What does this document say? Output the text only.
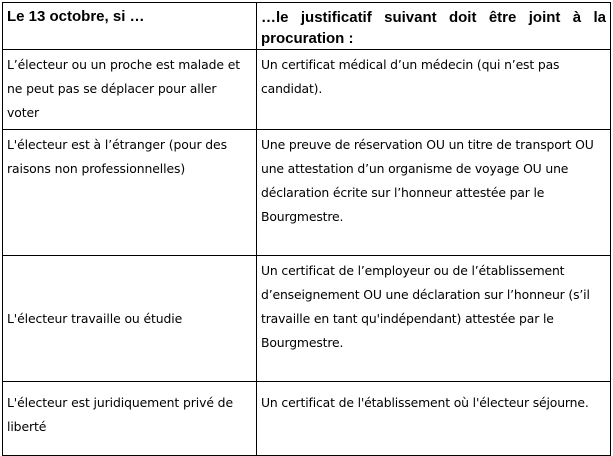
Le 13 octobre, si …	…le justificatif suivant doit être joint à la procuration :

L’électeur ou un proche est malade et ne peut pas se déplacer pour aller voter	Un certificat médical d’un médecin (qui n’est pas candidat).

L'électeur est à l’étranger (pour des raisons non professionnelles)	Une preuve de réservation OU un titre de transport OU une attestation d’un organisme de voyage OU une déclaration écrite sur l’honneur attestée par le Bourgmestre.

L'électeur travaille ou étudie	Un certificat de l’employeur ou de l’établissement d’enseignement OU une déclaration sur l’honneur (s’il travaille en tant qu'indépendant) attestée par le Bourgmestre.

L'électeur est juridiquement privé de liberté	Un certificat de l'établissement où l'électeur séjourne.
